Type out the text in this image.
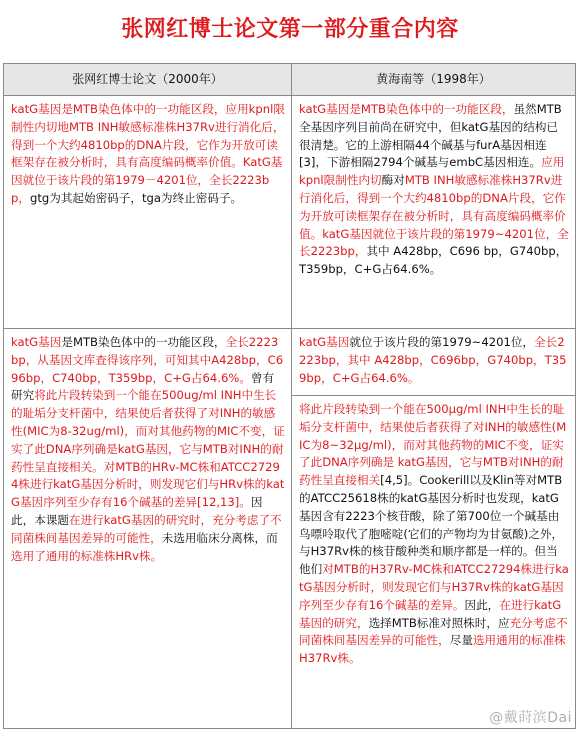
张网红博士论文第一部分重合内容
张网红博士论文（2000年）	黄海南等（1998年）
katG基因是MTB染色体中的一功能区段，应用kpnl限制性内切地MTB INH敏感标准株H37Rv进行消化后，得到一个大约4810bp的DNA片段，它作为开放可读框架存在被分析时，具有高度编码概率价值。KatG基因就位于该片段的第1979－4201位，全长2223bp，gtg为其起始密码子，tga为终止密码子。
katG基因是MTB染色体中的一功能区段，虽然MTB全基因序列目前尚在研究中，但katG基因的结构已很清楚。它的上游相隔44个碱基与furA基因相连[3]，下游相隔2794个碱基与embC基因相连。应用kpnl限制性内切酶对MTB INH敏感标准株H37Rv进行消化后，得到一个大约4810bp的DNA片段，它作为开放可读框架存在被分析时，具有高度编码概率价值。katG基因就位于该片段的第1979~4201位，全长2223bp，其中 A428bp，C696 bp，G740bp，T359bp，C+G占64.6%。
katG基因是MTB染色体中的一功能区段，全长2223bp，从基因文库查得该序列，可知其中A428bp，C696bp，C740bp，T359bp，C+G占64.6%。曾有研究将此片段转染到一个能在500ug/ml INH中生长的耻垢分支杆菌中，结果使后者获得了对INH的敏感性(MIC为8-32ug/ml)，而对其他药物的MIC不变，证实了此DNA序列确是katG基因，它与MTB对INH的耐药性呈直接相关。对MTB的HRv-MC株和ATCC27294株进行katG基因分析时，则发现它们与HRv株的katG基因序列至少存有16个碱基的差异[12,13]。因此，本课题在进行katG基因的研究时，充分考虑了不同菌株间基因差异的可能性，未选用临床分离株，而选用了通用的标准株HRv株。
katG基因就位于该片段的第1979~4201位，全长2223bp，其中 A428bp，C696bp，G740bp，T359bp，C+G占64.6%。
将此片段转染到一个能在500μg/ml INH中生长的耻垢分支杆菌中，结果使后者获得了对INH的敏感性(MIC为8~32μg/ml)，而对其他药物的MIC不变，证实了此DNA序列确是 katG基因，它与MTB对INH的耐药性呈直接相关[4,5]。Cookerill以及Klin等对MTB的ATCC25618株的katG基因分析时也发现，katG基因含有2223个核苷酸，除了第700位一个碱基由鸟嘌呤取代了胞嘧啶(它们的产物均为甘氨酸)之外，与H37Rv株的核苷酸种类和顺序都是一样的。但当他们对MTB的H37Rv-MC株和ATCC27294株进行katG基因分析时，则发现它们与H37Rv株的katG基因序列至少存有16个碱基的差异。因此，在进行katG基因的研究，选择MTB标准对照株时，应充分考虑不同菌株间基因差异的可能性，尽量选用通用的标准株H37Rv株。
@戴莳滨Dai
